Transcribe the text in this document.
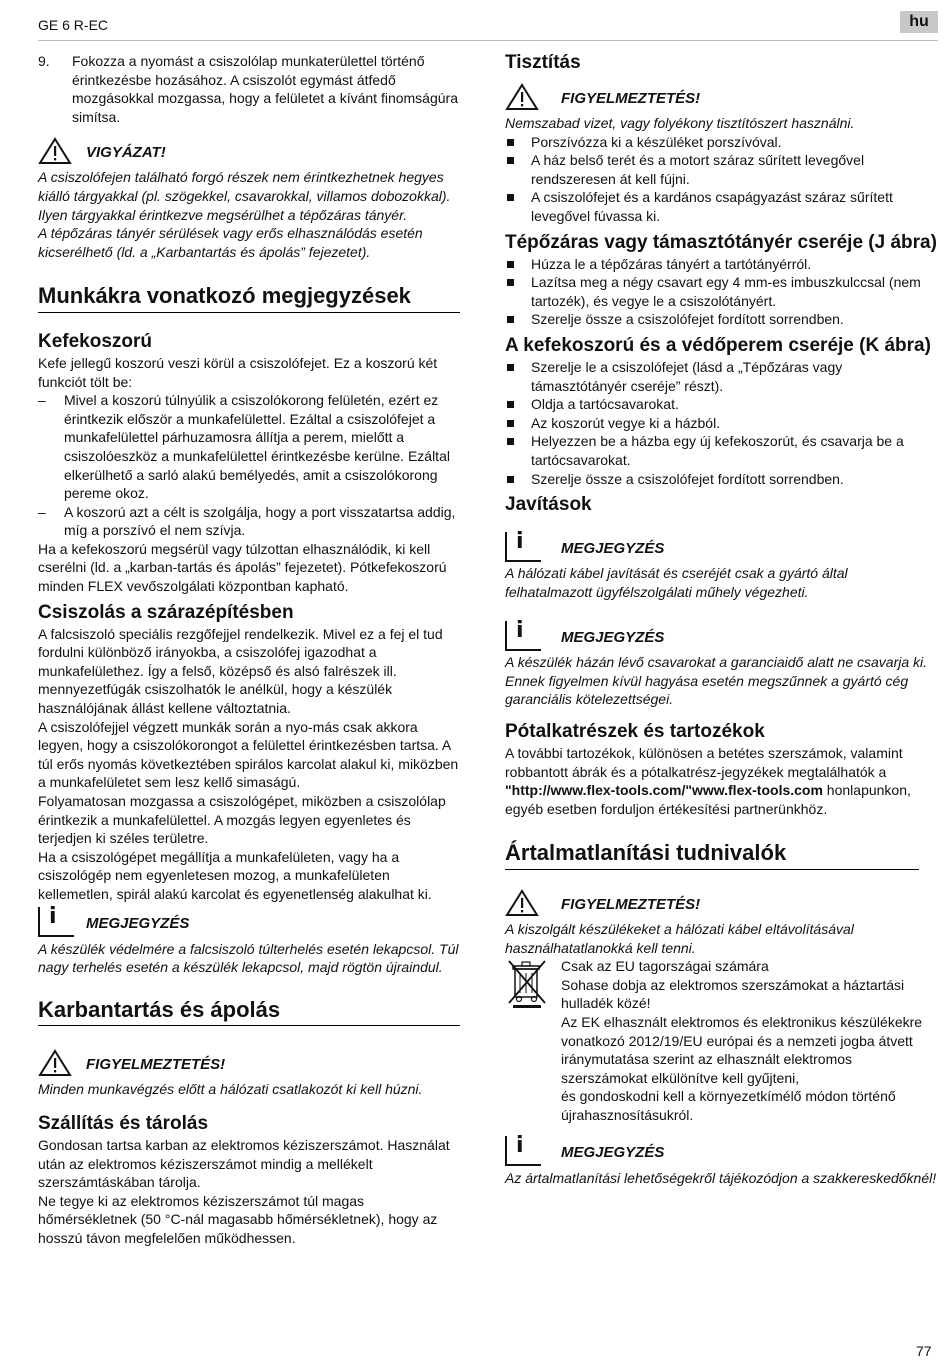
GE 6 R-EC	hu
9.	Fokozza a nyomást a csiszolólap munkaterülettel történő érintkezésbe hozásához. A csiszolót egymást átfedő mozgásokkal mozgassa, hogy a felületet a kívánt finomságúra simítsa.
VIGYÁZAT!

A csiszolófejen található forgó részek nem érintkezhetnek hegyes kiálló tárgyakkal (pl. szögekkel, csavarokkal, villamos dobozokkal). Ilyen tárgyakkal érintkezve megsérülhet a tépőzáras tányér.

A tépőzáras tányér sérülések vagy erős elhasználódás esetén kicserélhető (ld. a „Karbantartás és ápolás” fejezetet).

Munkákra vonatkozó megjegyzések
Kefekoszorú

Kefe jellegű koszorú veszi körül a csiszolófejet. Ez a koszorú két funkciót tölt be:

–	Mivel a koszorú túlnyúlik a csiszolókorong felületén, ezért ez érintkezik először a munkafelülettel. Ezáltal a csiszolófejet a munkafelülettel párhuzamosra állítja a perem, mielőtt a csiszolóeszköz a munkafelülettel érintkezésbe kerülne. Ezáltal elkerülhető a sarló alakú bemélyedés, amit a csiszolókorong pereme okoz.
–	A koszorú azt a célt is szolgálja, hogy a port visszatartsa addig, míg a porszívó el nem szívja.

Ha a kefekoszorú megsérül vagy túlzottan elhasználódik, ki kell cserélni (ld. a „karban-tartás és ápolás” fejezetet). Pótkefekoszorú minden FLEX vevőszolgálati központban kapható.

Csiszolás a szárazépítésben

A falcsiszoló speciális rezgőfejjel rendelkezik. Mivel ez a fej el tud fordulni különböző irányokba, a csiszolófej igazodhat a munkafelülethez. Így a felső, középső és alsó falrészek ill. mennyezetfúgák csiszolhatók le anélkül, hogy a készülék használójának állást kellene változtatnia.

A csiszolófejjel végzett munkák során a nyo-más csak akkora legyen, hogy a csiszolókorongot a felülettel érintkezésben tartsa. A túl erős nyomás következtében spirálos karcolat alakul ki, miközben a munkafelületet sem lesz kellő simaságú.

Folyamatosan mozgassa a csiszológépet, miközben a csiszolólap érintkezik a munkafelülettel. A mozgás legyen egyenletes és terjedjen ki széles területre.

Ha a csiszológépet megállítja a munkafelületen, vagy ha a csiszológép nem egyenletesen mozog, a munkafelületen kellemetlen, spirál alakú karcolat és egyenetlenség alakulhat ki.

i MEGJEGYZÉS

A készülék védelmére a falcsiszoló túlterhelés esetén lekapcsol. Túl nagy terhelés esetén a készülék lekapcsol, majd rögtön újraindul.

Karbantartás és ápolás
FIGYELMEZTETÉS!

Minden munkavégzés előtt a hálózati csatlakozót ki kell húzni.

Szállítás és tárolás

Gondosan tartsa karban az elektromos kéziszerszámot. Használat után az elektromos kéziszerszámot mindig a mellékelt szerszámtáskában tárolja.

Ne tegye ki az elektromos kéziszerszámot túl magas hőmérsékletnek (50 °C-nál magasabb hőmérsékletnek), hogy az hosszú távon megfelelően működhessen.

Tisztítás
FIGYELMEZTETÉS!

Nemszabad vizet, vagy folyékony tisztítószert használni.

Porszívózza ki a készüléket porszívóval.
A ház belső terét és a motort száraz sűrített levegővel rendszeresen át kell fújni.
A csiszolófejet és a kardános csapágyazást száraz sűrített levegővel fúvassa ki.
Tépőzáras vagy támasztótányér cseréje (J ábra)
Húzza le a tépőzáras tányért a tartótányérról.
Lazítsa meg a négy csavart egy 4 mm-es imbuszkulccsal (nem tartozék), és vegye le a csiszolótányért.
Szerelje össze a csiszolófejet fordított sorrendben.
A kefekoszorú és a védőperem cseréje (K ábra)
Szerelje le a csiszolófejet (lásd a „Tépőzáras vagy támasztótányér cseréje” részt).
Oldja a tartócsavarokat.
Az koszorút vegye ki a házból.
Helyezzen be a házba egy új kefekoszorút, és csavarja be a tartócsavarokat.
Szerelje össze a csiszolófejet fordított sorrendben.
Javítások
i MEGJEGYZÉS

A hálózati kábel javítását és cseréjét csak a gyártó által felhatalmazott ügyfélszolgálati műhely végezheti.

i MEGJEGYZÉS

A készülék házán lévő csavarokat a garanciaidő alatt ne csavarja ki. Ennek figyelmen kívül hagyása esetén megszűnnek a gyártó cég garanciális kötelezettségei.

Pótalkatrészek és tartozékok

A további tartozékok, különösen a betétes szerszámok, valamint robbantott ábrák és a pótalkatrész-jegyzékek megtalálhatók a "http://www.flex-tools.com/"www.flex-tools.com honlapunkon, egyéb esetben forduljon értékesítési partnerünkhöz.

Ártalmatlanítási tudnivalók
FIGYELMEZTETÉS!

A kiszolgált készülékeket a hálózati kábel eltávolításával használhatatlanokká kell tenni.

Csak az EU tagországai számára

Sohase dobja az elektromos szerszámokat a háztartási hulladék közé!

Az EK elhasznált elektromos és elektronikus készülékekre vonatkozó 2012/19/EU európai és a nemzeti jogba átvett iránymutatása szerint az elhasznált elektromos szerszámokat elkülönítve kell gyűjteni,

és gondoskodni kell a környezetkímélő módon történő újrahasznosításukról.

i MEGJEGYZÉS

Az ártalmatlanítási lehetőségekről tájékozódjon a szakkereskedőknél!

77
